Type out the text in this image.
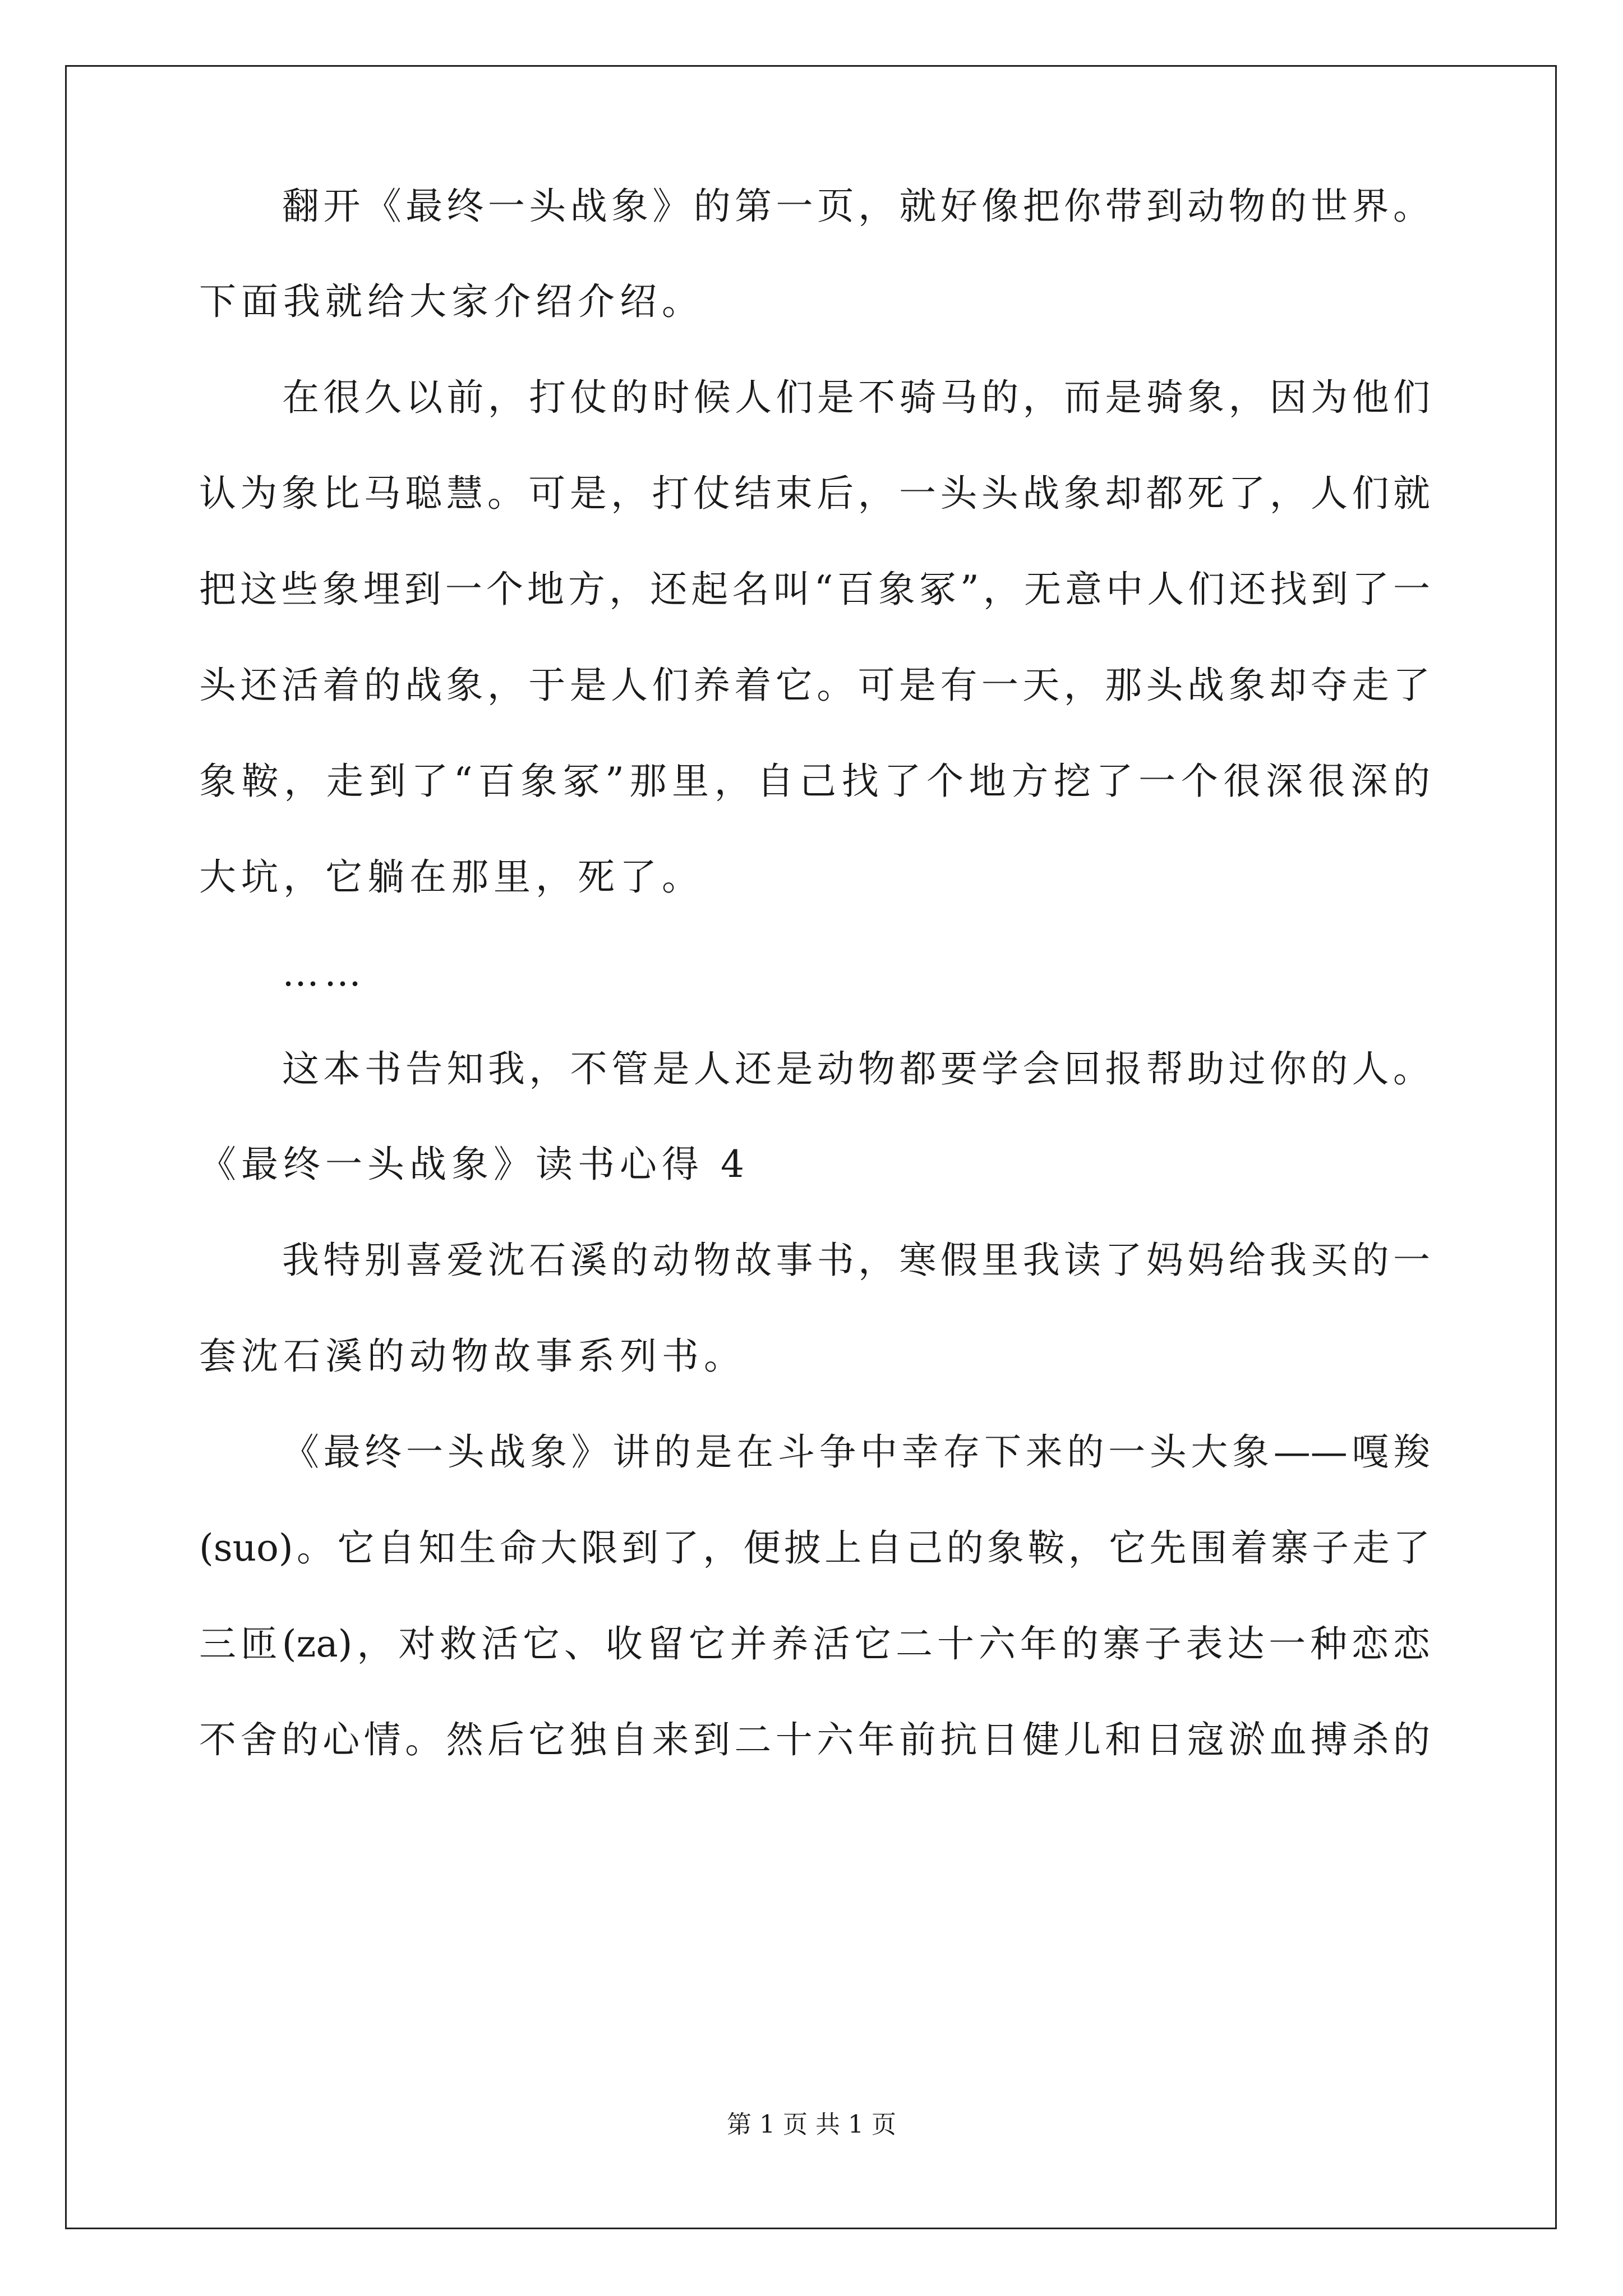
翻开《最终一头战象》的第一页，就好像把你带到动物的世界。
下面我就给大家介绍介绍。
在很久以前，打仗的时候人们是不骑马的，而是骑象，因为他们
认为象比马聪慧。可是，打仗结束后，一头头战象却都死了，人们就
把这些象埋到一个地方，还起名叫“百象冢”，无意中人们还找到了一
头还活着的战象，于是人们养着它。可是有一天，那头战象却夺走了
象鞍，走到了“百象冢”那里，自己找了个地方挖了一个很深很深的
大坑，它躺在那里，死了。
……
这本书告知我，不管是人还是动物都要学会回报帮助过你的人。
《最终一头战象》读书心得 4
我特别喜爱沈石溪的动物故事书，寒假里我读了妈妈给我买的一
套沈石溪的动物故事系列书。
《最终一头战象》讲的是在斗争中幸存下来的一头大象——嘎羧
(suo)。它自知生命大限到了，便披上自己的象鞍，它先围着寨子走了
三匝(za)，对救活它、收留它并养活它二十六年的寨子表达一种恋恋
不舍的心情。然后它独自来到二十六年前抗日健儿和日寇淤血搏杀的
第 1 页 共 1 页
